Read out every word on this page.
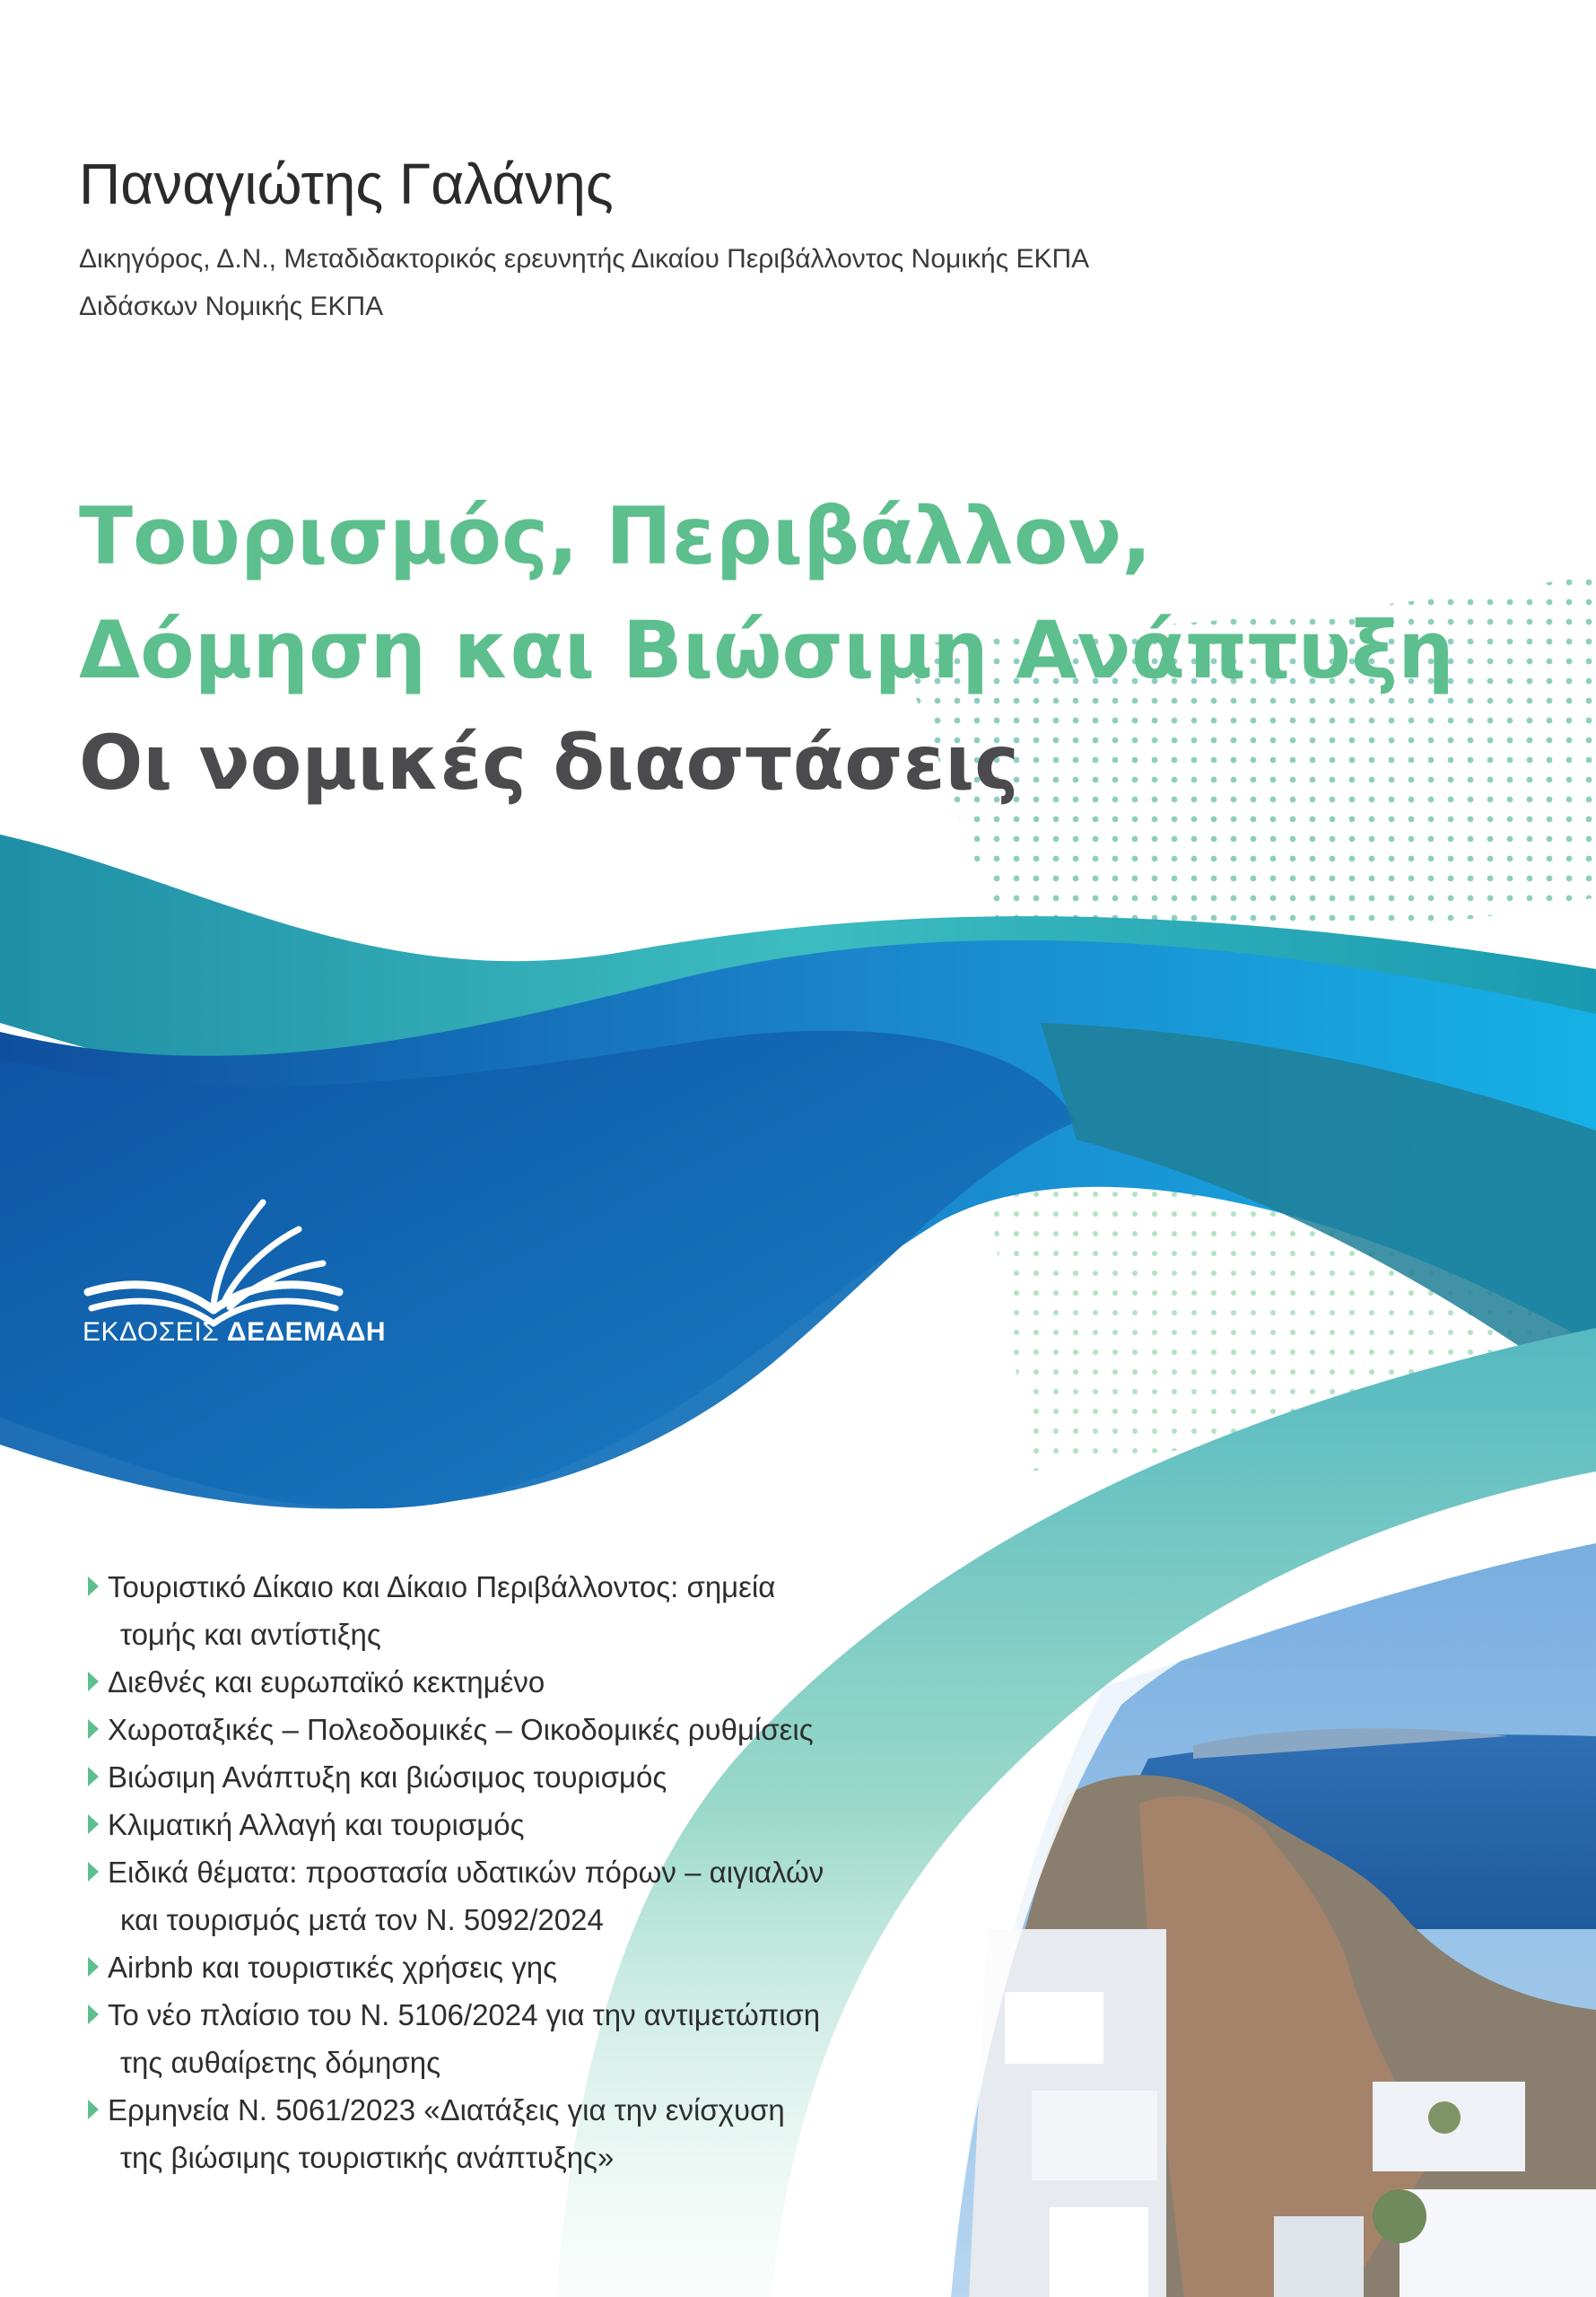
Παναγιώτης Γαλάνης
Δικηγόρος, Δ.Ν., Μεταδιδακτορικός ερευνητής Δικαίου Περιβάλλοντος Νομικής ΕΚΠΑ
Διδάσκων Νομικής ΕΚΠΑ
Τουρισμός, Περιβάλλον,
Δόμηση και Βιώσιμη Ανάπτυξη
Οι νομικές διαστάσεις
ΕΚΔΟΣΕΙΣ ΔΕΔΕΜΑΔΗ
Τουριστικό Δίκαιο και Δίκαιο Περιβάλλοντος: σημεία
τομής και αντίστιξης
Διεθνές και ευρωπαϊκό κεκτημένο
Χωροταξικές – Πολεοδομικές – Οικοδομικές ρυθμίσεις
Βιώσιμη Ανάπτυξη και βιώσιμος τουρισμός
Κλιματική Αλλαγή και τουρισμός
Ειδικά θέματα: προστασία υδατικών πόρων – αιγιαλών
και τουρισμός μετά τον Ν. 5092/2024
Airbnb και τουριστικές χρήσεις γης
Το νέο πλαίσιο του Ν. 5106/2024 για την αντιμετώπιση
της αυθαίρετης δόμησης
Ερμηνεία Ν. 5061/2023 «Διατάξεις για την ενίσχυση
της βιώσιμης τουριστικής ανάπτυξης»
